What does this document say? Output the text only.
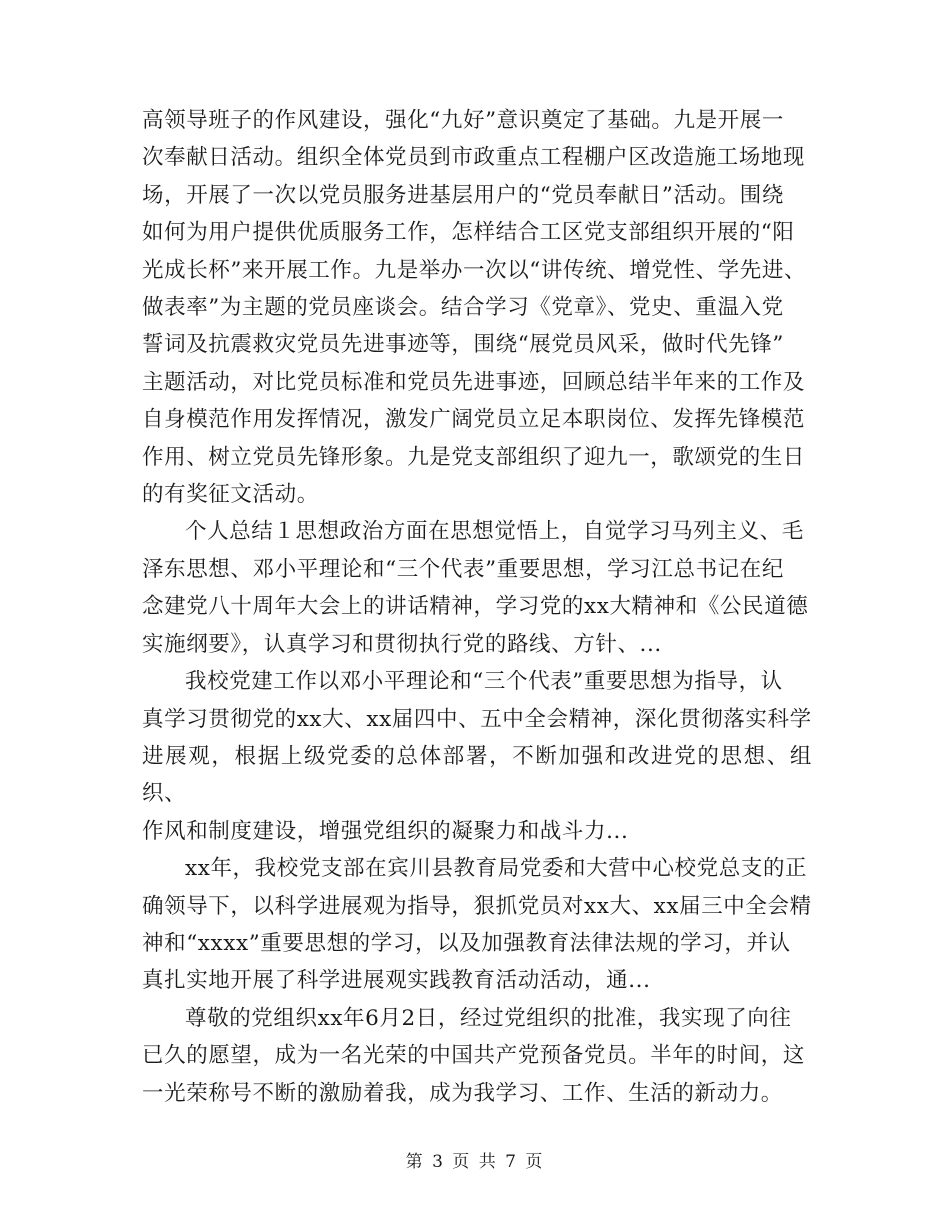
高领导班子的作风建设，强化“九好”意识奠定了基础。九是开展一
次奉献日活动。组织全体党员到市政重点工程棚户区改造施工场地现
场，开展了一次以党员服务进基层用户的“党员奉献日”活动。围绕
如何为用户提供优质服务工作，怎样结合工区党支部组织开展的“阳
光成长杯”来开展工作。九是举办一次以“讲传统、增党性、学先进、
做表率”为主题的党员座谈会。结合学习《党章》、党史、重温入党
誓词及抗震救灾党员先进事迹等，围绕“展党员风采，做时代先锋”
主题活动，对比党员标准和党员先进事迹，回顾总结半年来的工作及
自身模范作用发挥情况，激发广阔党员立足本职岗位、发挥先锋模范
作用、树立党员先锋形象。九是党支部组织了迎九一，歌颂党的生日
的有奖征文活动。

个人总结１思想政治方面在思想觉悟上，自觉学习马列主义、毛
泽东思想、邓小平理论和“三个代表”重要思想，学习江总书记在纪
念建党八十周年大会上的讲话精神，学习党的xx大精神和《公民道德
实施纲要》，认真学习和贯彻执行党的路线、方针、...

我校党建工作以邓小平理论和“三个代表”重要思想为指导，认
真学习贯彻党的xx大、xx届四中、五中全会精神，深化贯彻落实科学
进展观，根据上级党委的总体部署，不断加强和改进党的思想、组织、
作风和制度建设，增强党组织的凝聚力和战斗力...

xx年，我校党支部在宾川县教育局党委和大营中心校党总支的正
确领导下，以科学进展观为指导，狠抓党员对xx大、xx届三中全会精
神和“xxxx”重要思想的学习，以及加强教育法律法规的学习，并认
真扎实地开展了科学进展观实践教育活动活动，通...

尊敬的党组织xx年6月2日，经过党组织的批准，我实现了向往
已久的愿望，成为一名光荣的中国共产党预备党员。半年的时间，这
一光荣称号不断的激励着我，成为我学习、工作、生活的新动力。

第 3 页 共 7 页
